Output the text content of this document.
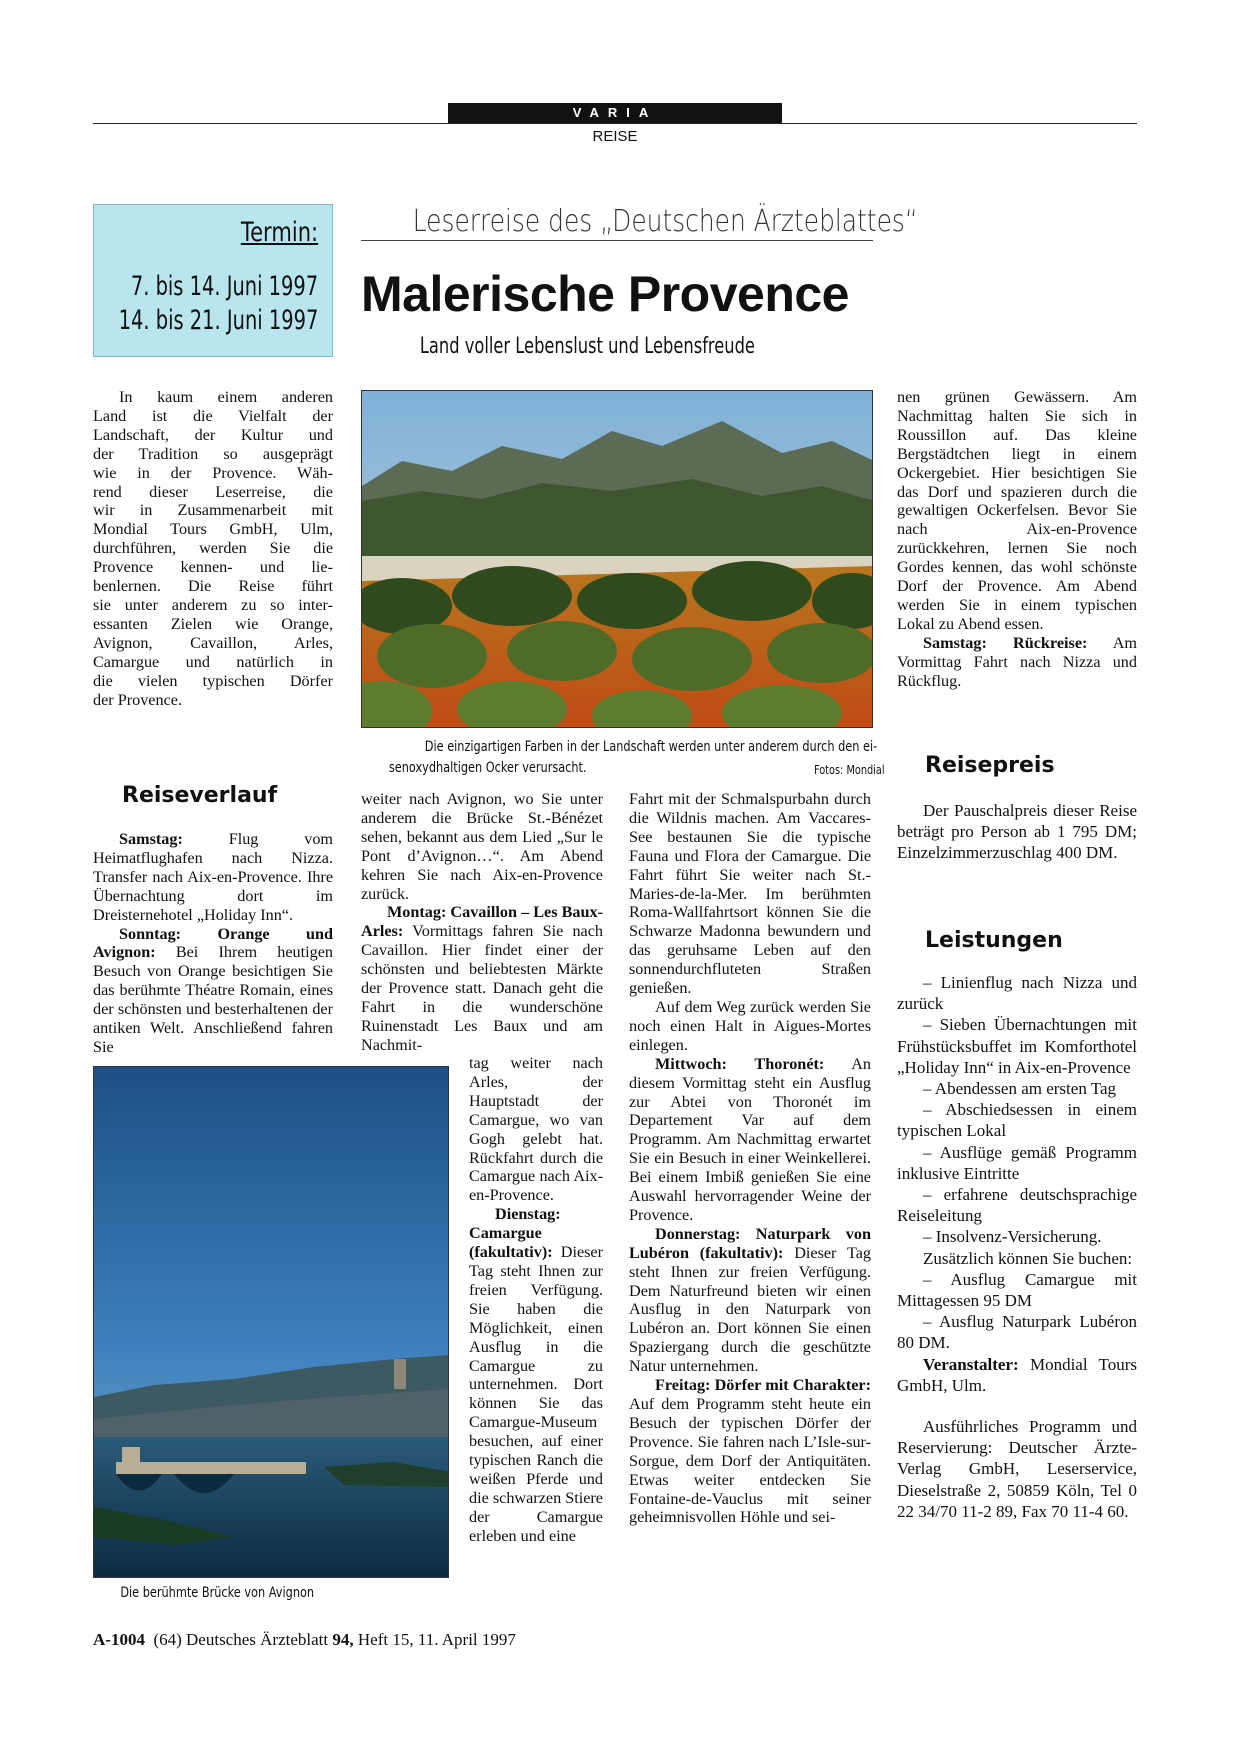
VARIA
REISE
Termin:
7. bis 14. Juni 1997
14. bis 21. Juni 1997
Leserreise des „Deutschen Ärzteblattes“
Malerische Provence
Land voller Lebenslust und Lebensfreude
In kaum einem anderen
Land ist die Vielfalt der
Landschaft, der Kultur und
der Tradition so ausgeprägt
wie in der Provence. Wäh-
rend dieser Leserreise, die
wir in Zusammenarbeit mit
Mondial Tours GmbH, Ulm,
durchführen, werden Sie die
Provence kennen- und lie-
benlernen. Die Reise führt
sie unter anderem zu so inter-
essanten Zielen wie Orange,
Avignon, Cavaillon, Arles,
Camargue und natürlich in
die vielen typischen Dörfer
der Provence.
Reiseverlauf

Samstag:	Flug vom Heimatflughafen nach Nizza. Transfer nach Aix-en-Provence. Ihre Übernachtung dort im Dreisternehotel „Holiday Inn“.

Sonntag: Orange und Avignon: Bei Ihrem heutigen Besuch von Orange besichtigen Sie das berühmte Théatre Romain, eines der schönsten und besterhaltenen der antiken Welt. Anschließend fahren Sie

Die einzigartigen Farben in der Landschaft werden unter anderem durch den ei-
senoxydhaltigen Ocker verursacht.	Fotos: Mondial

weiter nach Avignon, wo Sie unter anderem die Brücke St.-Bénézet sehen, bekannt aus dem Lied „Sur le Pont d’Avignon…“. Am Abend kehren Sie nach Aix-en-Provence zurück.

Montag: Cavaillon – Les Baux-Arles: Vormittags fahren Sie nach Cavaillon. Hier findet einer der schönsten und beliebtesten Märkte der Provence statt. Danach geht die Fahrt in die wunderschöne Ruinenstadt Les Baux und am Nachmit-

tag weiter nach Arles, der Hauptstadt der Camargue, wo van Gogh gelebt hat. Rückfahrt durch die Camargue nach Aix-en-Provence.

Dienstag: Camargue (fakultativ): Dieser Tag steht Ihnen zur freien Verfügung. Sie haben die Möglichkeit, einen Ausflug in die Camargue zu unternehmen. Dort können Sie das Camargue-Museum besuchen, auf einer typischen Ranch die weißen Pferde und die schwarzen Stiere der Camargue erleben und eine

Fahrt mit der Schmalspurbahn durch die Wildnis machen. Am Vaccares-See bestaunen Sie die typische Fauna und Flora der Camargue. Die Fahrt führt Sie weiter nach St.-Maries-de-la-Mer. Im berühmten Roma-Wallfahrtsort können Sie die Schwarze Madonna bewundern und das geruhsame Leben auf den sonnendurchfluteten Straßen genießen.

Auf dem Weg zurück werden Sie noch einen Halt in Aigues-Mortes einlegen.

Mittwoch: Thoronét: An diesem Vormittag steht ein Ausflug zur Abtei von Thoronét im Departement Var auf dem Programm. Am Nachmittag erwartet Sie ein Besuch in einer Weinkellerei. Bei einem Imbiß genießen Sie eine Auswahl hervorragender Weine der Provence.

Donnerstag: Naturpark von Lubéron (fakultativ): Dieser Tag steht Ihnen zur freien Verfügung. Dem Naturfreund bieten wir einen Ausflug in den Naturpark von Lubéron an. Dort können Sie einen Spaziergang durch die geschützte Natur unternehmen.

Freitag: Dörfer mit Charakter: Auf dem Programm steht heute ein Besuch der typischen Dörfer der Provence. Sie fahren nach L’Isle-sur-Sorgue, dem Dorf der Antiquitäten. Etwas weiter entdecken Sie Fontaine-de-Vauclus mit seiner geheimnisvollen Höhle und sei-

nen grünen Gewässern. Am Nachmittag halten Sie sich in Roussillon auf. Das kleine Bergstädtchen liegt in einem Ockergebiet. Hier besichtigen Sie das Dorf und spazieren durch die gewaltigen Ockerfelsen. Bevor Sie nach Aix-en-Provence zurückkehren, lernen Sie noch Gordes kennen, das wohl schönste Dorf der Provence. Am Abend werden Sie in einem typischen Lokal zu Abend essen.

Samstag: Rückreise: Am Vormittag Fahrt nach Nizza und Rückflug.

Reisepreis

Der Pauschalpreis dieser Reise beträgt pro Person ab 1 795 DM; Einzelzimmerzuschlag 400 DM.

Leistungen

– Linienflug nach Nizza und zurück

– Sieben Übernachtungen mit Frühstücksbuffet im Komforthotel „Holiday Inn“ in Aix-en-Provence

– Abendessen am ersten Tag

– Abschiedsessen in einem typischen Lokal

– Ausflüge gemäß Programm inklusive Eintritte

– erfahrene deutschsprachige Reiseleitung

– Insolvenz-Versicherung.

Zusätzlich können Sie buchen:

– Ausflug Camargue mit Mittagessen 95 DM

– Ausflug Naturpark Lubéron 80 DM.

Veranstalter: Mondial Tours GmbH, Ulm.

Ausführliches Programm und Reservierung: Deutscher Ärzte-Verlag GmbH, Leserservice, Dieselstraße 2, 50859 Köln, Tel 0 22 34/70 11-2 89, Fax 70 11-4 60.

Die berühmte Brücke von Avignon
A-1004 (64) Deutsches Ärzteblatt 94, Heft 15, 11. April 1997
